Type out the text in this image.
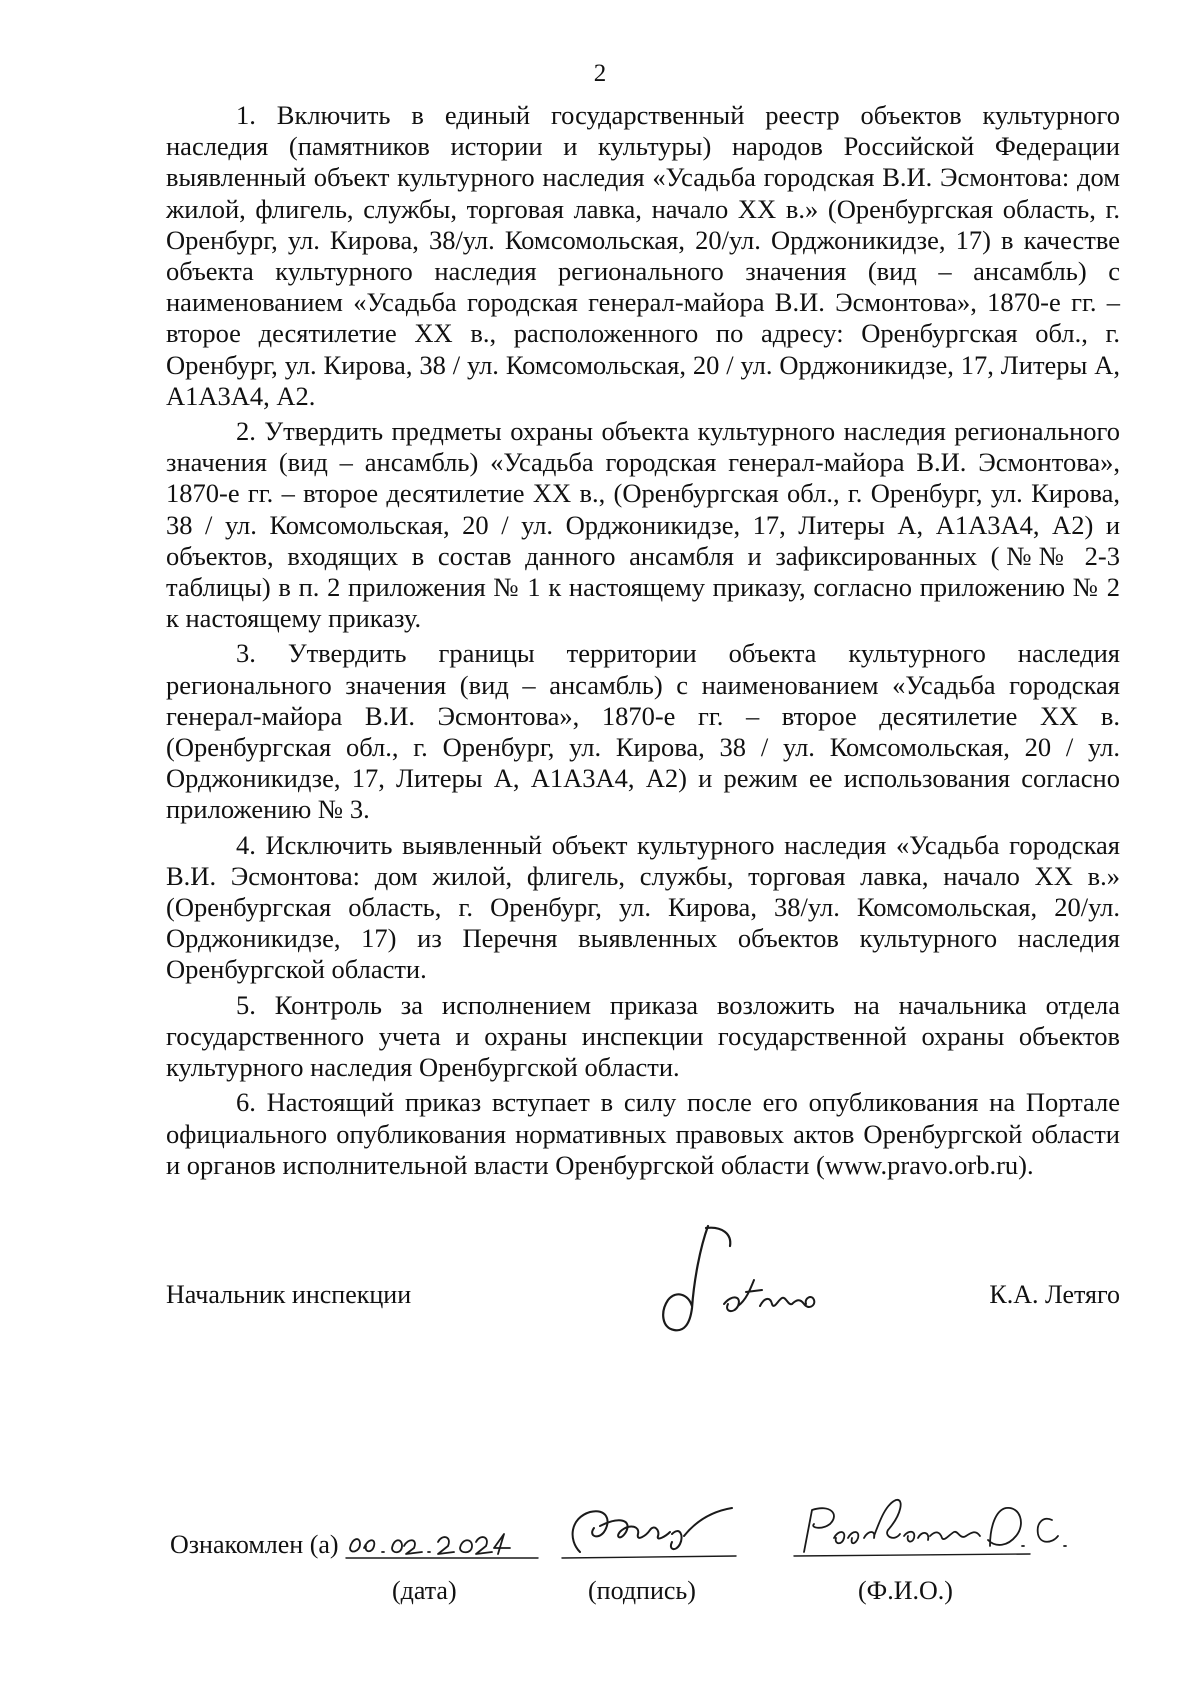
2

1. Включить в единый государственный реестр объектов культурного наследия (памятников истории и культуры) народов Российской Федерации выявленный объект культурного наследия «Усадьба городская В.И. Эсмонтова: дом жилой, флигель, службы, торговая лавка, начало XX в.» (Оренбургская область, г. Оренбург, ул. Кирова, 38/ул. Комсомольская, 20/ул. Орджоникидзе, 17) в качестве объекта культурного наследия регионального значения (вид – ансамбль) с наименованием «Усадьба городская генерал-майора В.И. Эсмонтова», 1870-е гг. – второе десятилетие XX в., расположенного по адресу: Оренбургская обл., г. Оренбург, ул. Кирова, 38 / ул. Комсомольская, 20 / ул. Орджоникидзе, 17, Литеры А, А1А3А4, А2.

2. Утвердить предметы охраны объекта культурного наследия регионального значения (вид – ансамбль) «Усадьба городская генерал-майора В.И. Эсмонтова», 1870-е гг. – второе десятилетие XX в., (Оренбургская обл., г. Оренбург, ул. Кирова, 38 / ул. Комсомольская, 20 / ул. Орджоникидзе, 17, Литеры А, А1А3А4, А2) и объектов, входящих в состав данного ансамбля и зафиксированных (№№ 2-3 таблицы) в п. 2 приложения № 1 к настоящему приказу, согласно приложению № 2 к настоящему приказу.

3. Утвердить границы территории объекта культурного наследия регионального значения (вид – ансамбль) с наименованием «Усадьба городская генерал-майора В.И. Эсмонтова», 1870-е гг. – второе десятилетие XX в. (Оренбургская обл., г. Оренбург, ул. Кирова, 38 / ул. Комсомольская, 20 / ул. Орджоникидзе, 17, Литеры А, А1А3А4, А2) и режим ее использования согласно приложению № 3.

4. Исключить выявленный объект культурного наследия «Усадьба городская В.И. Эсмонтова: дом жилой, флигель, службы, торговая лавка, начало XX в.» (Оренбургская область, г. Оренбург, ул. Кирова, 38/ул. Комсомольская, 20/ул. Орджоникидзе, 17) из Перечня выявленных объектов культурного наследия Оренбургской области.

5. Контроль за исполнением приказа возложить на начальника отдела государственного учета и охраны инспекции государственной охраны объектов культурного наследия Оренбургской области.

6. Настоящий приказ вступает в силу после его опубликования на Портале официального опубликования нормативных правовых актов Оренбургской области и органов исполнительной власти Оренбургской области (www.pravo.orb.ru).

Начальник инспекции	К.А. Летяго
Ознакомлен (а)
(дата)	(подпись)	(Ф.И.О.)
